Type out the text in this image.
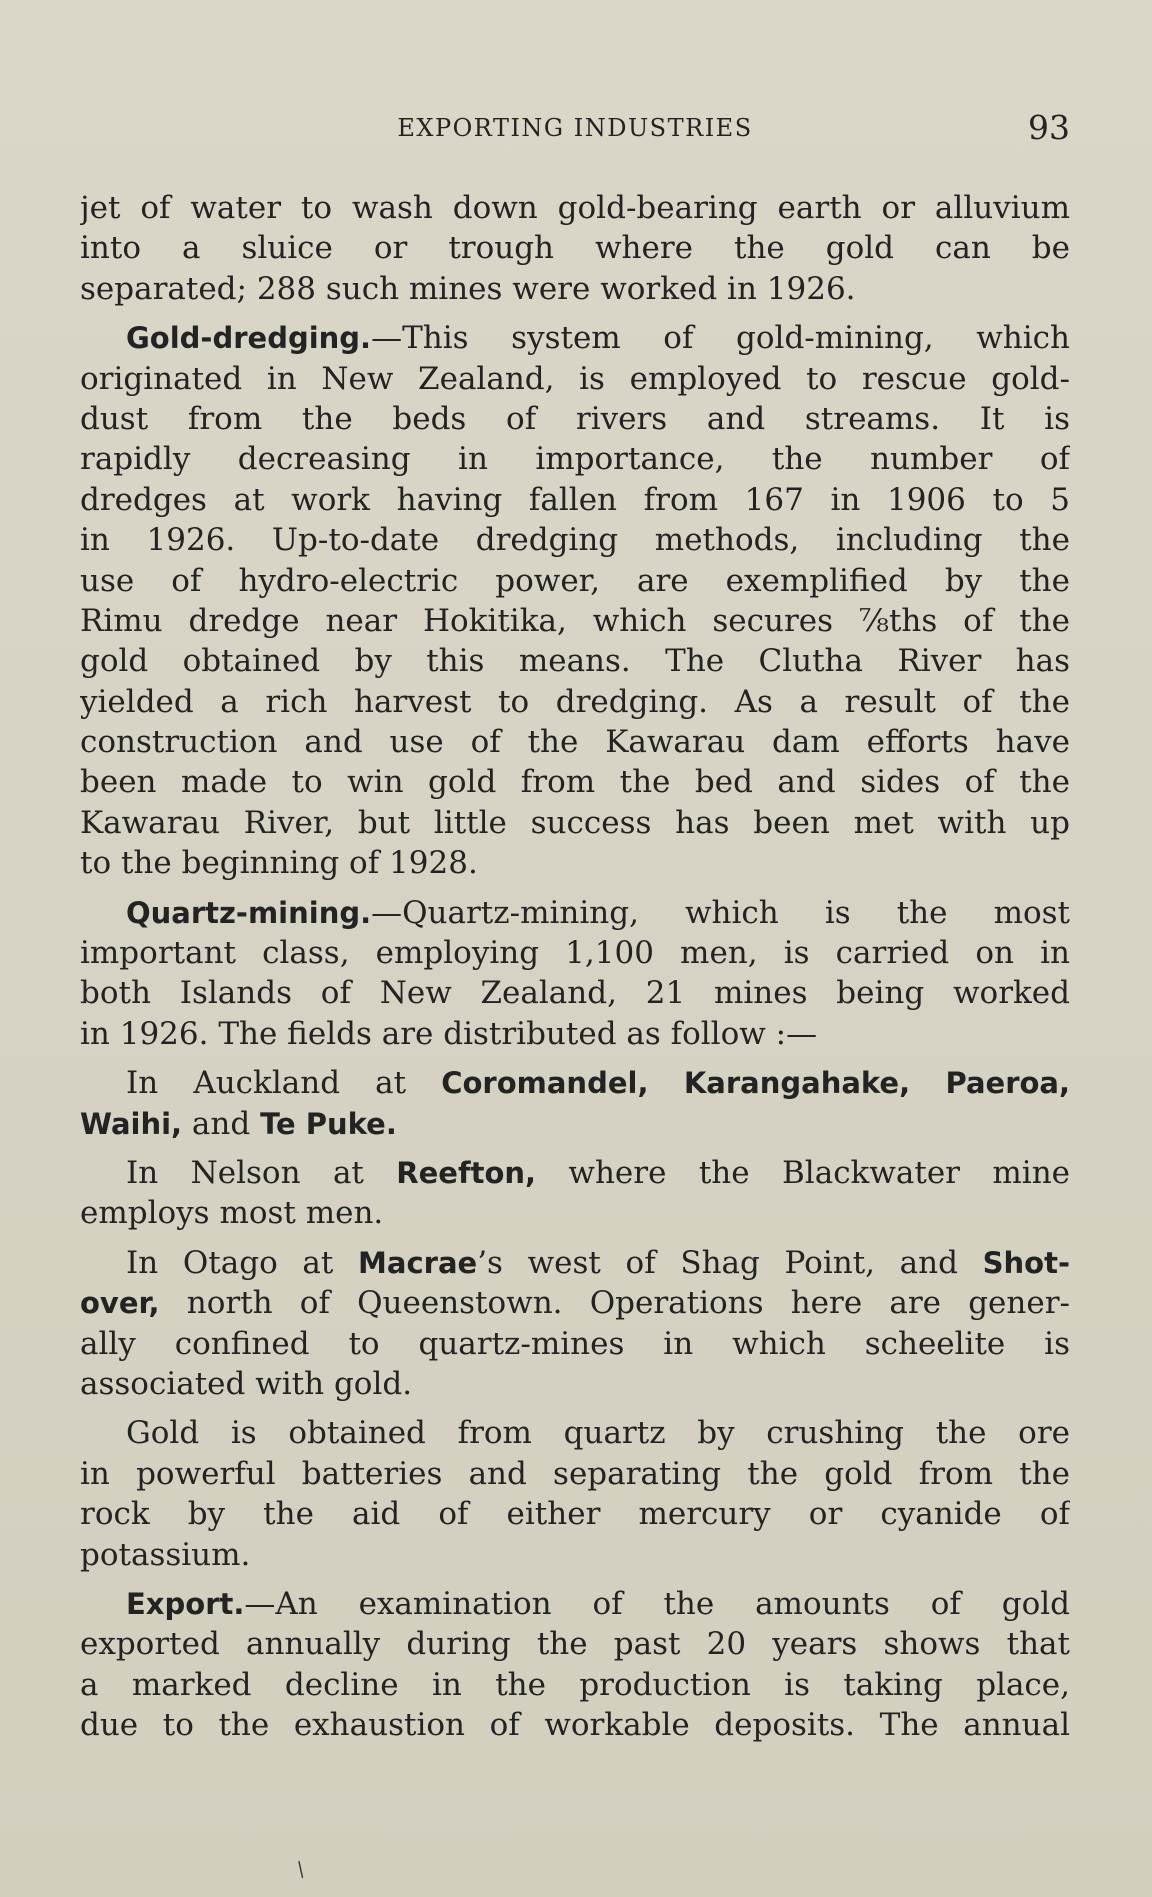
EXPORTING INDUSTRIES	93
jet of water to wash down gold-bearing earth or alluvium
into a sluice or trough where the gold can be
separated; 288 such mines were worked in 1926.
Gold-dredging.—This system of gold-mining, which
originated in New Zealand, is employed to rescue gold-
dust from the beds of rivers and streams. It is
rapidly decreasing in importance, the number of
dredges at work having fallen from 167 in 1906 to 5
in 1926. Up-to-date dredging methods, including the
use of hydro-electric power, are exemplified by the
Rimu dredge near Hokitika, which secures ⅞ths of the
gold obtained by this means. The Clutha River has
yielded a rich harvest to dredging. As a result of the
construction and use of the Kawarau dam efforts have
been made to win gold from the bed and sides of the
Kawarau River, but little success has been met with up
to the beginning of 1928.
Quartz-mining.—Quartz-mining, which is the most
important class, employing 1,100 men, is carried on in
both Islands of New Zealand, 21 mines being worked
in 1926. The fields are distributed as follow :—
In Auckland at Coromandel, Karangahake, Paeroa,
Waihi, and Te Puke.
In Nelson at Reefton, where the Blackwater mine
employs most men.
In Otago at Macrae’s west of Shag Point, and Shot-
over, north of Queenstown. Operations here are gener-
ally confined to quartz-mines in which scheelite is
associated with gold.
Gold is obtained from quartz by crushing the ore
in powerful batteries and separating the gold from the
rock by the aid of either mercury or cyanide of
potassium.
Export.—An examination of the amounts of gold
exported annually during the past 20 years shows that
a marked decline in the production is taking place,
due to the exhaustion of workable deposits. The annual
/
